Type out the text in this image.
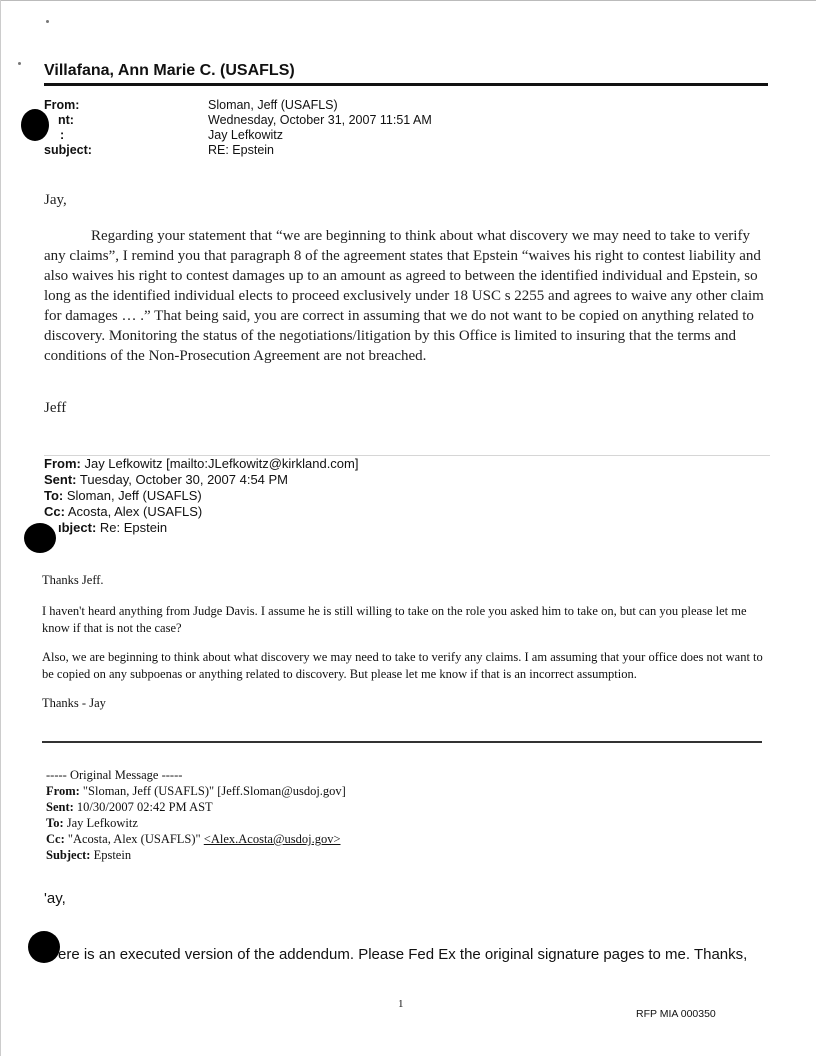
Villafana, Ann Marie C. (USAFLS)
From:	Sloman, Jeff (USAFLS)
nt:	Wednesday, October 31, 2007 11:51 AM
:	Jay Lefkowitz
subject:	RE: Epstein
Jay,
Regarding your statement that “we are beginning to think about what discovery we may need to take to verify any claims”, I remind you that paragraph 8 of the agreement states that Epstein “waives his right to contest liability and also waives his right to contest damages up to an amount as agreed to between the identified individual and Epstein, so long as the identified individual elects to proceed exclusively under 18 USC s 2255 and agrees to waive any other claim for damages … .” That being said, you are correct in assuming that we do not want to be copied on anything related to discovery. Monitoring the status of the negotiations/litigation by this Office is limited to insuring that the terms and conditions of the Non-Prosecution Agreement are not breached.
Jeff
From: Jay Lefkowitz [mailto:JLefkowitz@kirkland.com]
Sent: Tuesday, October 30, 2007 4:54 PM
To: Sloman, Jeff (USAFLS)
Cc: Acosta, Alex (USAFLS)
ıbject: Re: Epstein
Thanks Jeff.
I haven't heard anything from Judge Davis. I assume he is still willing to take on the role you asked him to take on, but can you please let me know if that is not the case?
Also, we are beginning to think about what discovery we may need to take to verify any claims. I am assuming that your office does not want to be copied on any subpoenas or anything related to discovery. But please let me know if that is an incorrect assumption.
Thanks - Jay
----- Original Message -----
From: "Sloman, Jeff (USAFLS)" [Jeff.Sloman@usdoj.gov]
Sent: 10/30/2007 02:42 PM AST
To: Jay Lefkowitz
Cc: "Acosta, Alex (USAFLS)" <Alex.Acosta@usdoj.gov>
Subject: Epstein
'ay,
ere is an executed version of the addendum. Please Fed Ex the original signature pages to me. Thanks,
1
RFP MIA 000350
